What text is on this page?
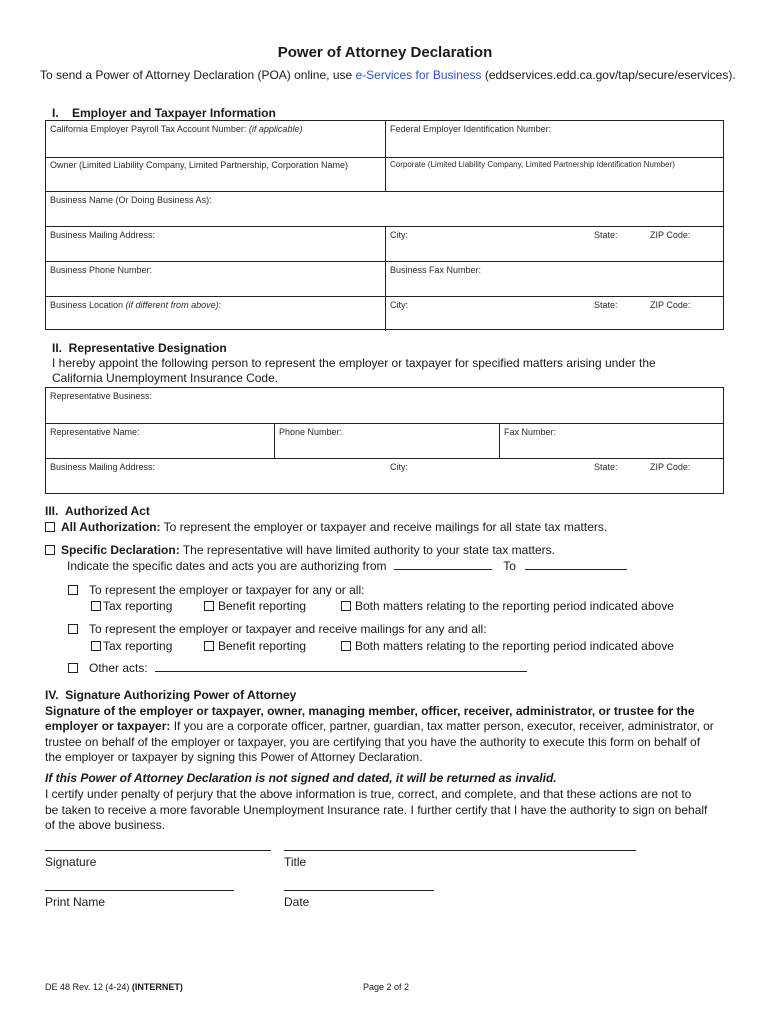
Power of Attorney Declaration
To send a Power of Attorney Declaration (POA) online, use e-Services for Business (eddservices.edd.ca.gov/tap/secure/eservices).
I.    Employer and Taxpayer Information
California Employer Payroll Tax Account Number: (if applicable)	Federal Employer Identification Number:
Owner (Limited Liability Company, Limited Partnership, Corporation Name)	Corporate (Limited Liability Company, Limited Partnership Identification Number)
Business Name (Or Doing Business As):
Business Mailing Address:	City:	State:	ZIP Code:
Business Phone Number:	Business Fax Number:
Business Location (if different from above):	City:	State:	ZIP Code:
II.  Representative Designation
I hereby appoint the following person to represent the employer or taxpayer for specified matters arising under the
California Unemployment Insurance Code.
Representative Business:
Representative Name:	Phone Number:	Fax Number:
Business Mailing Address:	City:	State:	ZIP Code:
III.  Authorized Act
All Authorization: To represent the employer or taxpayer and receive mailings for all state tax matters.
Specific Declaration: The representative will have limited authority to your state tax matters.
Indicate the specific dates and acts you are authorizing from	To
To represent the employer or taxpayer for any or all:
Tax reporting	Benefit reporting	Both matters relating to the reporting period indicated above
To represent the employer or taxpayer and receive mailings for any and all:
Tax reporting	Benefit reporting	Both matters relating to the reporting period indicated above
Other acts:
IV.  Signature Authorizing Power of Attorney
Signature of the employer or taxpayer, owner, managing member, officer, receiver, administrator, or trustee for the
employer or taxpayer: If you are a corporate officer, partner, guardian, tax matter person, executor, receiver, administrator, or
trustee on behalf of the employer or taxpayer, you are certifying that you have the authority to execute this form on behalf of
the employer or taxpayer by signing this Power of Attorney Declaration.
If this Power of Attorney Declaration is not signed and dated, it will be returned as invalid.
I certify under penalty of perjury that the above information is true, correct, and complete, and that these actions are not to
be taken to receive a more favorable Unemployment Insurance rate. I further certify that I have the authority to sign on behalf
of the above business.
Signature	Title
Print Name	Date
DE 48 Rev. 12 (4-24) (INTERNET)	Page 2 of 2
